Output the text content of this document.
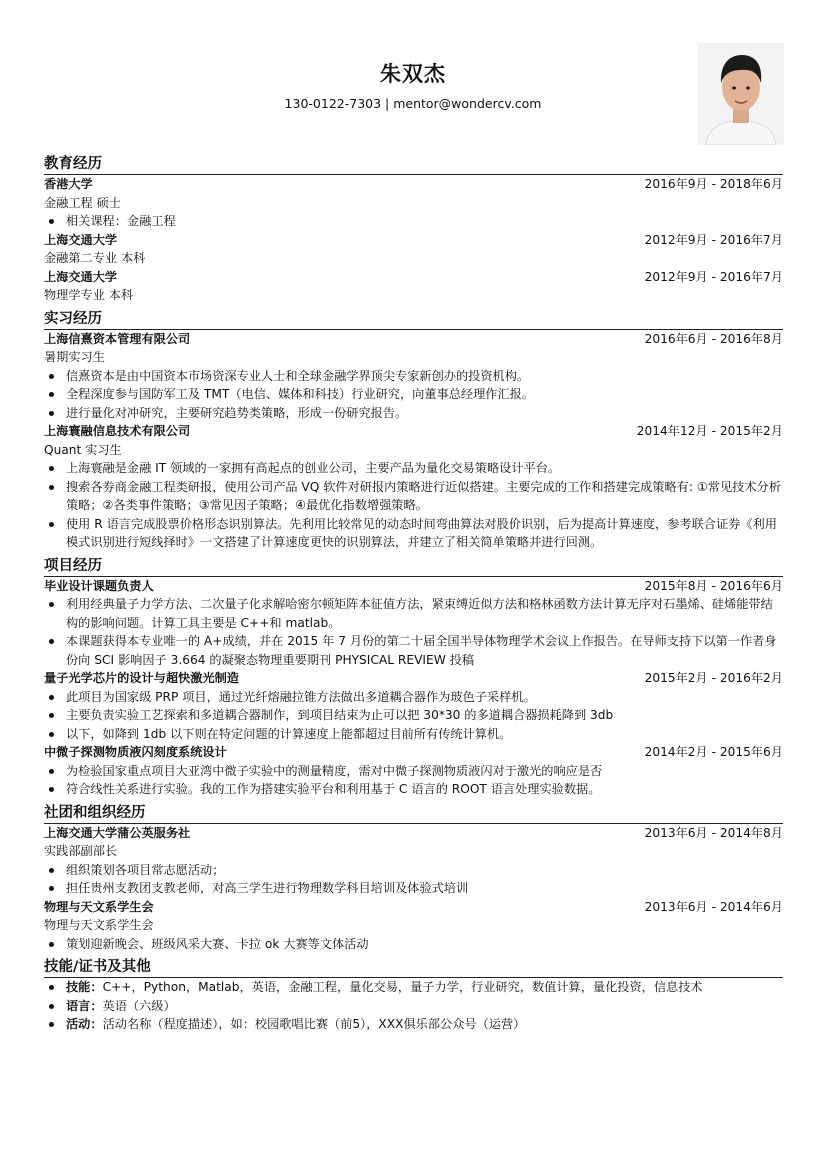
朱双杰
130-0122-7303 | mentor@wondercv.com
教育经历
香港大学	2016年9月 - 2018年6月
金融工程 硕士
相关课程：金融工程
上海交通大学	2012年9月 - 2016年7月
金融第二专业 本科
上海交通大学	2012年9月 - 2016年7月
物理学专业 本科
实习经历
上海信熹资本管理有限公司	2016年6月 - 2016年8月
暑期实习生
信熹资本是由中国资本市场资深专业人士和全球金融学界顶尖专家新创办的投资机构。
全程深度参与国防军工及 TMT（电信、媒体和科技）行业研究，向董事总经理作汇报。
进行量化对冲研究，主要研究趋势类策略，形成一份研究报告。
上海寰融信息技术有限公司	2014年12月 - 2015年2月
Quant 实习生
上海寰融是金融 IT 领域的一家拥有高起点的创业公司，主要产品为量化交易策略设计平台。
搜索各券商金融工程类研报，使用公司产品 VQ 软件对研报内策略进行近似搭建。主要完成的工作和搭建完成策略有: ①常见技术分析策略；②各类事件策略；③常见因子策略；④最优化指数增强策略。
使用 R 语言完成股票价格形态识别算法。先利用比较常见的动态时间弯曲算法对股价识别，后为提高计算速度，参考联合证券《利用模式识别进行短线择时》一文搭建了计算速度更快的识别算法，并建立了相关简单策略并进行回测。
项目经历
毕业设计课题负责人	2015年8月 - 2016年6月
利用经典量子力学方法、二次量子化求解哈密尔顿矩阵本征值方法，紧束缚近似方法和格林函数方法计算无序对石墨烯、硅烯能带结构的影响问题。计算工具主要是 C++和 matlab。
本课题获得本专业唯一的 A+成绩，并在 2015 年 7 月份的第二十届全国半导体物理学术会议上作报告。在导师支持下以第一作者身份向 SCI 影响因子 3.664 的凝聚态物理重要期刊 PHYSICAL REVIEW 投稿
量子光学芯片的设计与超快激光制造	2015年2月 - 2016年2月
此项目为国家级 PRP 项目，通过光纤熔融拉锥方法做出多道耦合器作为玻色子采样机。
主要负责实验工艺探索和多道耦合器制作，到项目结束为止可以把 30*30 的多道耦合器损耗降到 3db
以下，如降到 1db 以下则在特定问题的计算速度上能都超过目前所有传统计算机。
中微子探测物质液闪刻度系统设计	2014年2月 - 2015年6月
为检验国家重点项目大亚湾中微子实验中的测量精度，需对中微子探测物质液闪对于激光的响应是否
符合线性关系进行实验。我的工作为搭建实验平台和利用基于 C 语言的 ROOT 语言处理实验数据。
社团和组织经历
上海交通大学蒲公英服务社	2013年6月 - 2014年8月
实践部副部长
组织策划各项目常志愿活动；
担任贵州支教团支教老师，对高三学生进行物理数学科目培训及体验式培训
物理与天文系学生会	2013年6月 - 2014年6月
物理与天文系学生会
策划迎新晚会、班级风采大赛、卡拉 ok 大赛等文体活动
技能/证书及其他
技能：C++，Python，Matlab，英语，金融工程，量化交易，量子力学，行业研究，数值计算，量化投资，信息技术
语言：英语（六级）
活动：活动名称（程度描述），如：校园歌唱比赛（前5），XXX俱乐部公众号（运营）
